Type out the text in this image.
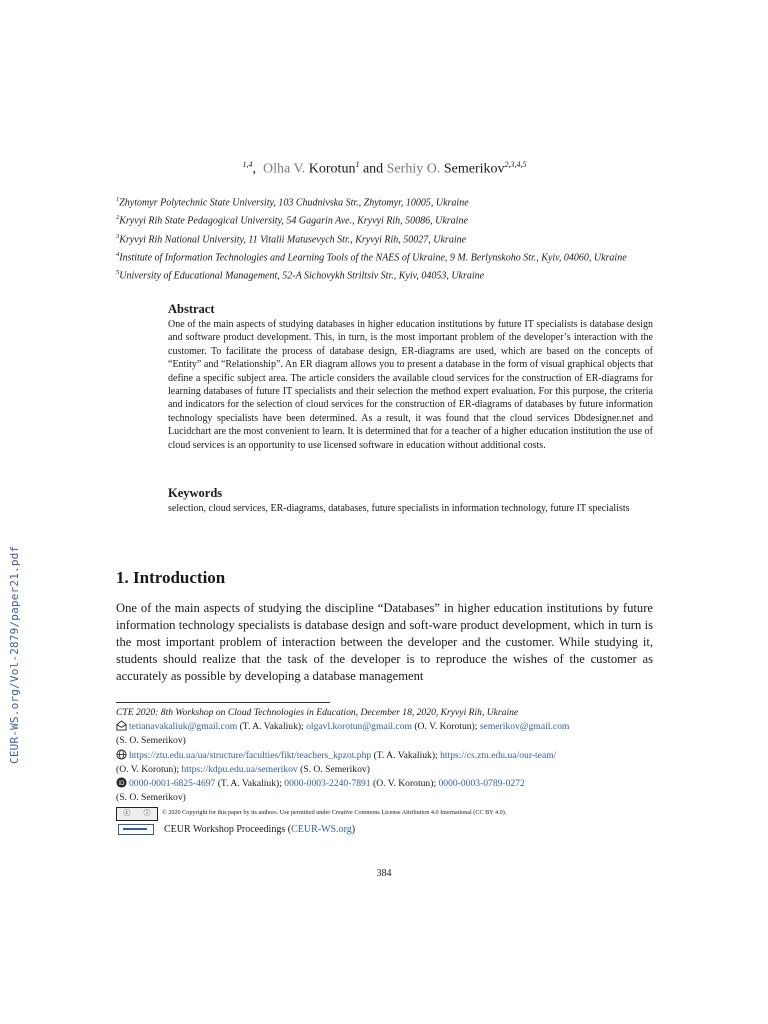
CEUR-WS.org/Vol-2879/paper21.pdf
$^{1,4}$, Olha V. Korotun$^1$ and Serhiy O. Semerikov$^{2,3,4,5}$
$^1$Zhytomyr Polytechnic State University, 103 Chudnivska Str., Zhytomyr, 10005, Ukraine
$^2$Kryvyi Rih State Pedagogical University, 54 Gagarin Ave., Kryvyi Rih, 50086, Ukraine
$^3$Kryvyi Rih National University, 11 Vitalii Matusevych Str., Kryvyi Rih, 50027, Ukraine
$^4$Institute of Information Technologies and Learning Tools of the NAES of Ukraine, 9 M. Berlynskoho Str., Kyiv, 04060, Ukraine
$^5$University of Educational Management, 52-A Sichovykh Striltsiv Str., Kyiv, 04053, Ukraine
Abstract

One of the main aspects of studying databases in higher education institutions by future IT specialists is database design and software product development. This, in turn, is the most important problem of the developer’s interaction with the customer. To facilitate the process of database design, ER-diagrams are used, which are based on the concepts of “Entity” and “Relationship”. An ER diagram allows you to present a database in the form of visual graphical objects that define a specific subject area. The article considers the available cloud services for the construction of ER-diagrams for learning databases of future IT specialists and their selection the method expert evaluation. For this purpose, the criteria and indicators for the selection of cloud services for the construction of ER-diagrams of databases by future information technology specialists have been determined. As a result, it was found that the cloud services Dbdesigner.net and Lucidchart are the most convenient to learn. It is determined that for a teacher of a higher education institution the use of cloud services is an opportunity to use licensed software in education without additional costs.

Keywords

selection, cloud services, ER-diagrams, databases, future specialists in information technology, future IT specialists

1. Introduction

One of the main aspects of studying the discipline “Databases” in higher education institutions by future information technology specialists is database design and soft-ware product development, which in turn is the most important problem of interaction between the developer and the customer. While studying it, students should realize that the task of the developer is to reproduce the wishes of the customer as accurately as possible by developing a database management

CTE 2020: 8th Workshop on Cloud Technologies in Education, December 18, 2020, Kryvyi Rih, Ukraine
tetianavakaliuk@gmail.com (T. A. Vakaliuk); olgavl.korotun@gmail.com (O. V. Korotun); semerikov@gmail.com
(S. O. Semerikov)
https://ztu.edu.ua/ua/structure/faculties/fikt/teachers_kpzot.php (T. A. Vakaliuk); https://cs.ztu.edu.ua/our-team/
(O. V. Korotun); https://kdpu.edu.ua/semerikov (S. O. Semerikov)
iD 0000-0001-6825-4697 (T. A. Vakaliuk); 0000-0003-2240-7891 (O. V. Korotun); 0000-0003-0789-0272
(S. O. Semerikov)
ⓒ ⓘ © 2020 Copyright for this paper by its authors. Use permitted under Creative Commons License Attribution 4.0 International (CC BY 4.0).
CEUR Workshop Proceedings ( CEUR-WS.org )
384
